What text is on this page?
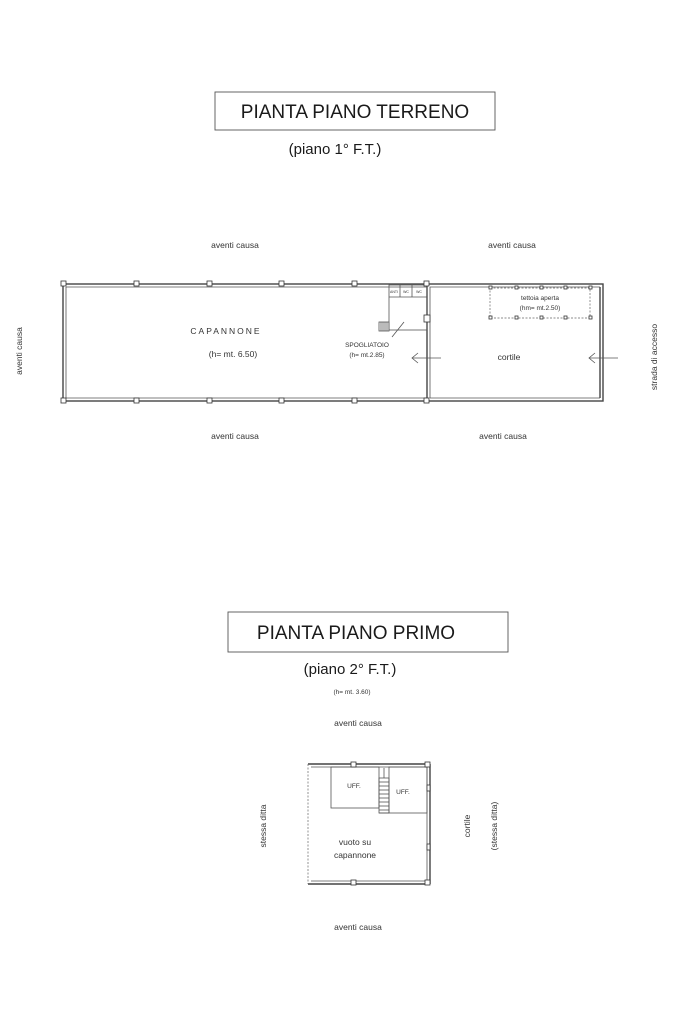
PIANTA PIANO TERRENO
(piano 1° F.T.)
aventi causa	aventi causa
aventi causa	aventi causa
aventi causa	strada di accesso
ANTI WC WC
tettoia aperta
(hm= mt.2.50)
CAPANNONE
(h= mt. 6.50)
SPOGLIATOIO
(h= mt.2.85)	cortile
PIANTA PIANO PRIMO
(piano 2° F.T.)
(h= mt. 3.60)
aventi causa
aventi causa
stessa ditta	cortile (stessa ditta)
UFF.
UFF.
vuoto su
capannone
